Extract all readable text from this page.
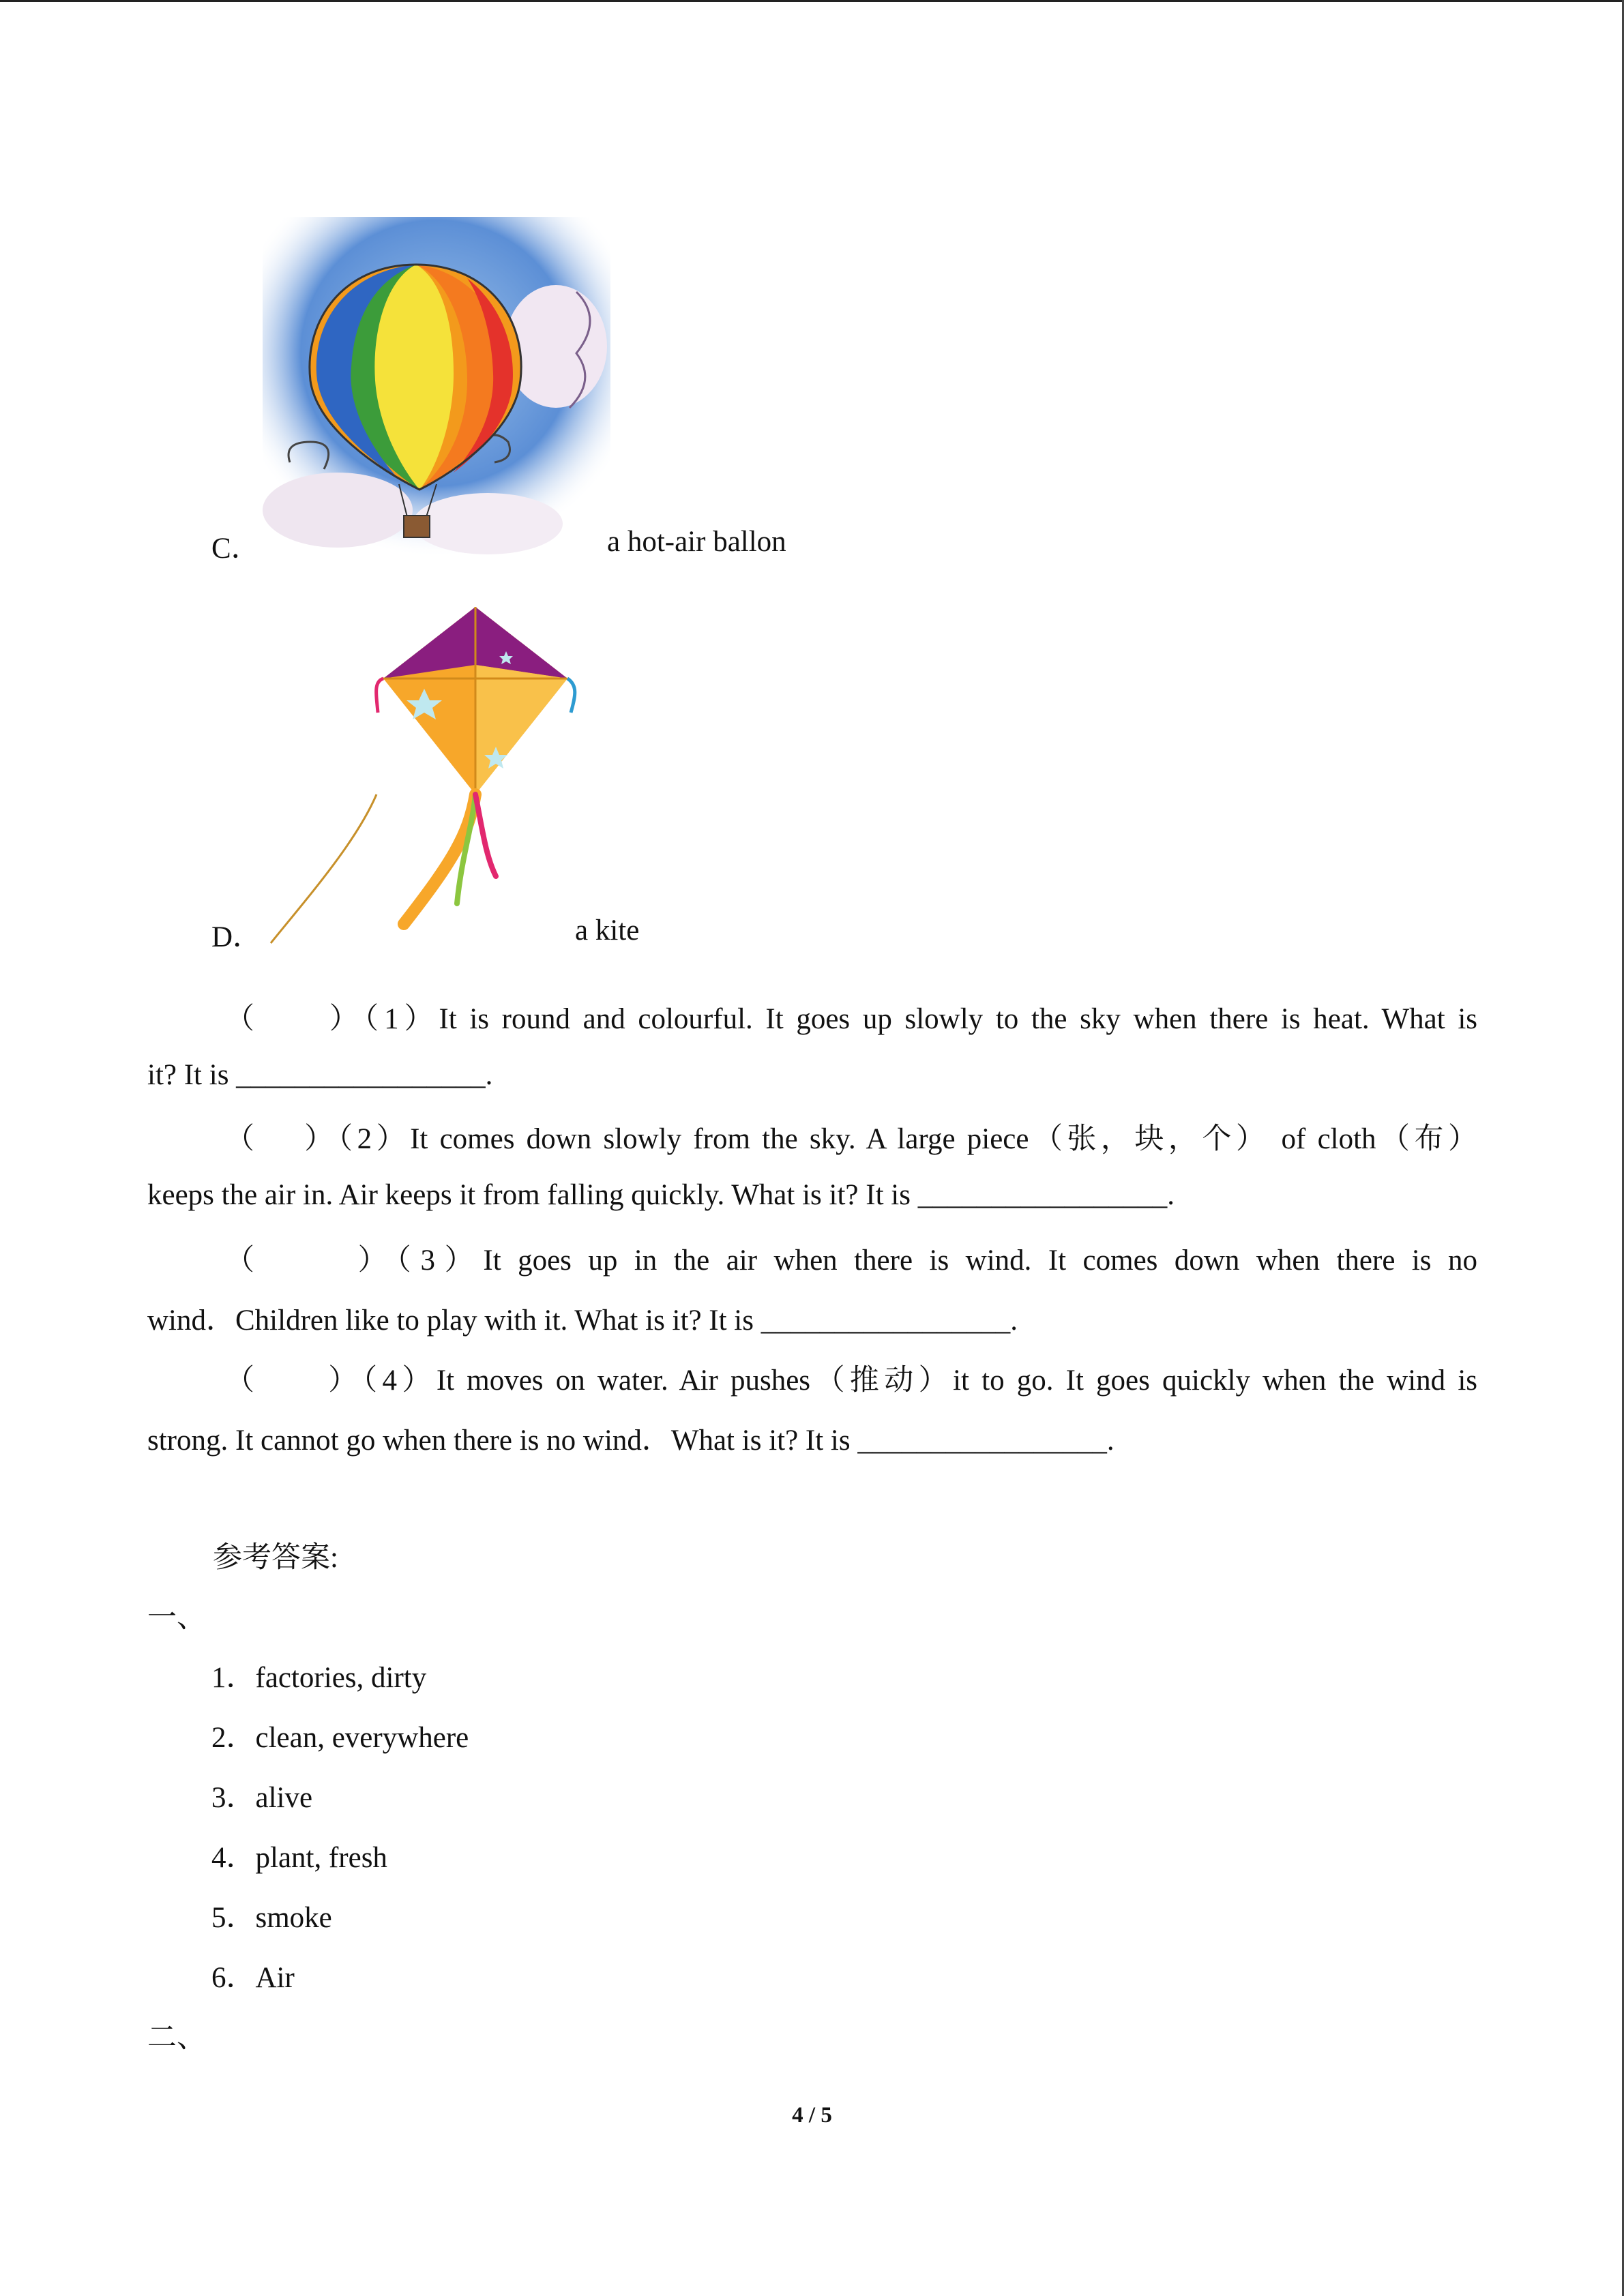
C．	a hot-air ballon
D．	a kite
（　　）（1）It is round and colourful. It goes up slowly to the sky when there is heat. What is
it? It is _________________.
（　 ）（2）It comes down slowly from the sky. A large piece（张，块，个） of cloth（布）
keeps the air in. Air keeps it from falling quickly. What is it? It is _________________.
（　　 ）（3）It goes up in the air when there is wind. It comes down when there is no
wind．Children like to play with it. What is it? It is _________________.
（　　）（4）It moves on water. Air pushes（推动）it to go. It goes quickly when the wind is
strong. It cannot go when there is no wind．What is it? It is _________________.
参考答案:
一、
1．factories, dirty
2．clean, everywhere
3．alive
4．plant, fresh
5．smoke
6．Air
二、
4 / 5
